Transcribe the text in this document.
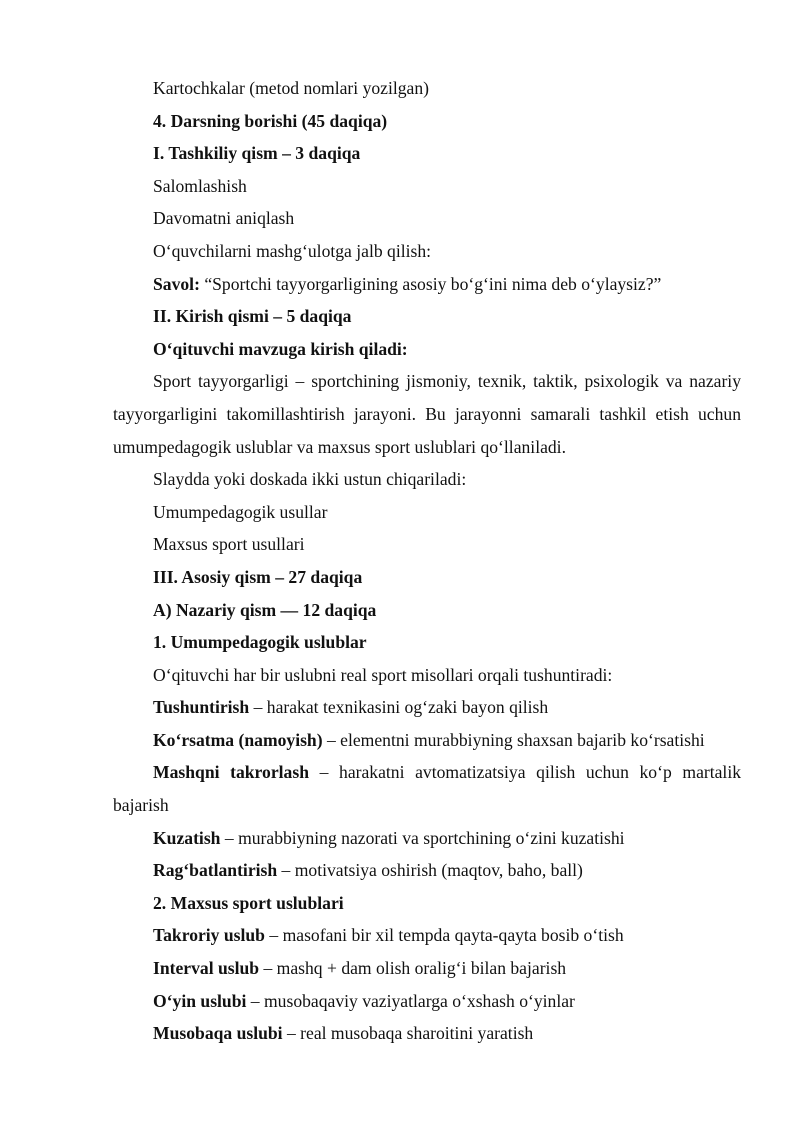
Kartochkalar (metod nomlari yozilgan)
4. Darsning borishi (45 daqiqa)
I. Tashkiliy qism – 3 daqiqa
Salomlashish
Davomatni aniqlash
O‘quvchilarni mashg‘ulotga jalb qilish:
Savol: “Sportchi tayyorgarligining asosiy bo‘g‘ini nima deb o‘ylaysiz?”
II. Kirish qismi – 5 daqiqa
O‘qituvchi mavzuga kirish qiladi:
Sport tayyorgarligi – sportchining jismoniy, texnik, taktik, psixologik va nazariy tayyorgarligini takomillashtirish jarayoni. Bu jarayonni samarali tashkil etish uchun umumpedagogik uslublar va maxsus sport uslublari qo‘llaniladi.
Slaydda yoki doskada ikki ustun chiqariladi:
Umumpedagogik usullar
Maxsus sport usullari
III. Asosiy qism – 27 daqiqa
A) Nazariy qism — 12 daqiqa
1. Umumpedagogik uslublar
O‘qituvchi har bir uslubni real sport misollari orqali tushuntiradi:
Tushuntirish – harakat texnikasini og‘zaki bayon qilish
Ko‘rsatma (namoyish) – elementni murabbiyning shaxsan bajarib ko‘rsatishi
Mashqni takrorlash – harakatni avtomatizatsiya qilish uchun ko‘p martalik bajarish
Kuzatish – murabbiyning nazorati va sportchining o‘zini kuzatishi
Rag‘batlantirish – motivatsiya oshirish (maqtov, baho, ball)
2. Maxsus sport uslublari
Takroriy uslub – masofani bir xil tempda qayta-qayta bosib o‘tish
Interval uslub – mashq + dam olish oralig‘i bilan bajarish
O‘yin uslubi – musobaqaviy vaziyatlarga o‘xshash o‘yinlar
Musobaqa uslubi – real musobaqa sharoitini yaratish
